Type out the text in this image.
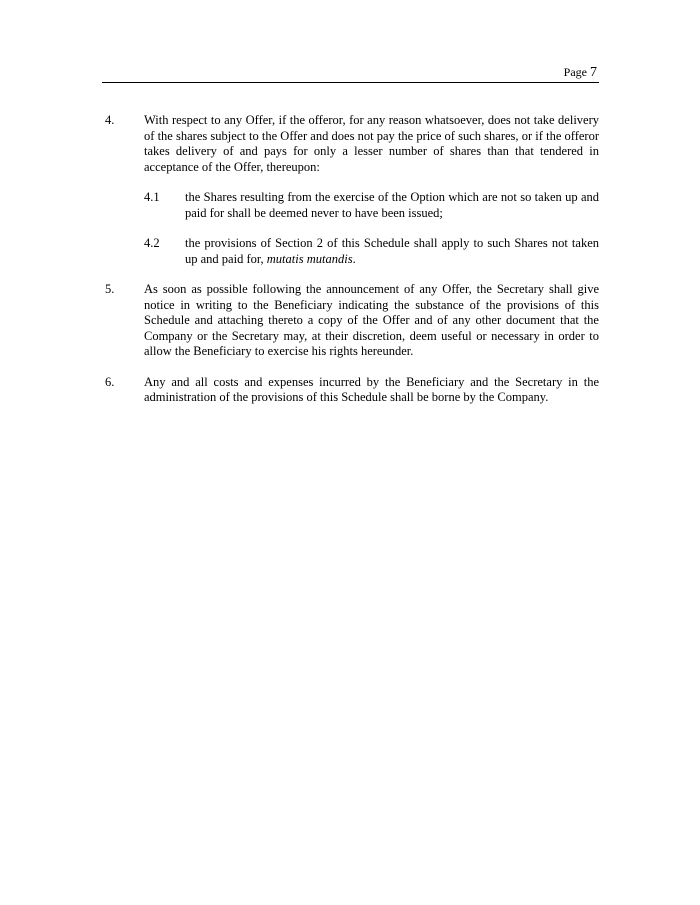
Page 7
4. With respect to any Offer, if the offeror, for any reason whatsoever, does not take delivery of the shares subject to the Offer and does not pay the price of such shares, or if the offeror takes delivery of and pays for only a lesser number of shares than that tendered in acceptance of the Offer, thereupon:
4.1 the Shares resulting from the exercise of the Option which are not so taken up and paid for shall be deemed never to have been issued;
4.2 the provisions of Section 2 of this Schedule shall apply to such Shares not taken up and paid for, mutatis mutandis.
5. As soon as possible following the announcement of any Offer, the Secretary shall give notice in writing to the Beneficiary indicating the substance of the provisions of this Schedule and attaching thereto a copy of the Offer and of any other document that the Company or the Secretary may, at their discretion, deem useful or necessary in order to allow the Beneficiary to exercise his rights hereunder.
6. Any and all costs and expenses incurred by the Beneficiary and the Secretary in the administration of the provisions of this Schedule shall be borne by the Company.
